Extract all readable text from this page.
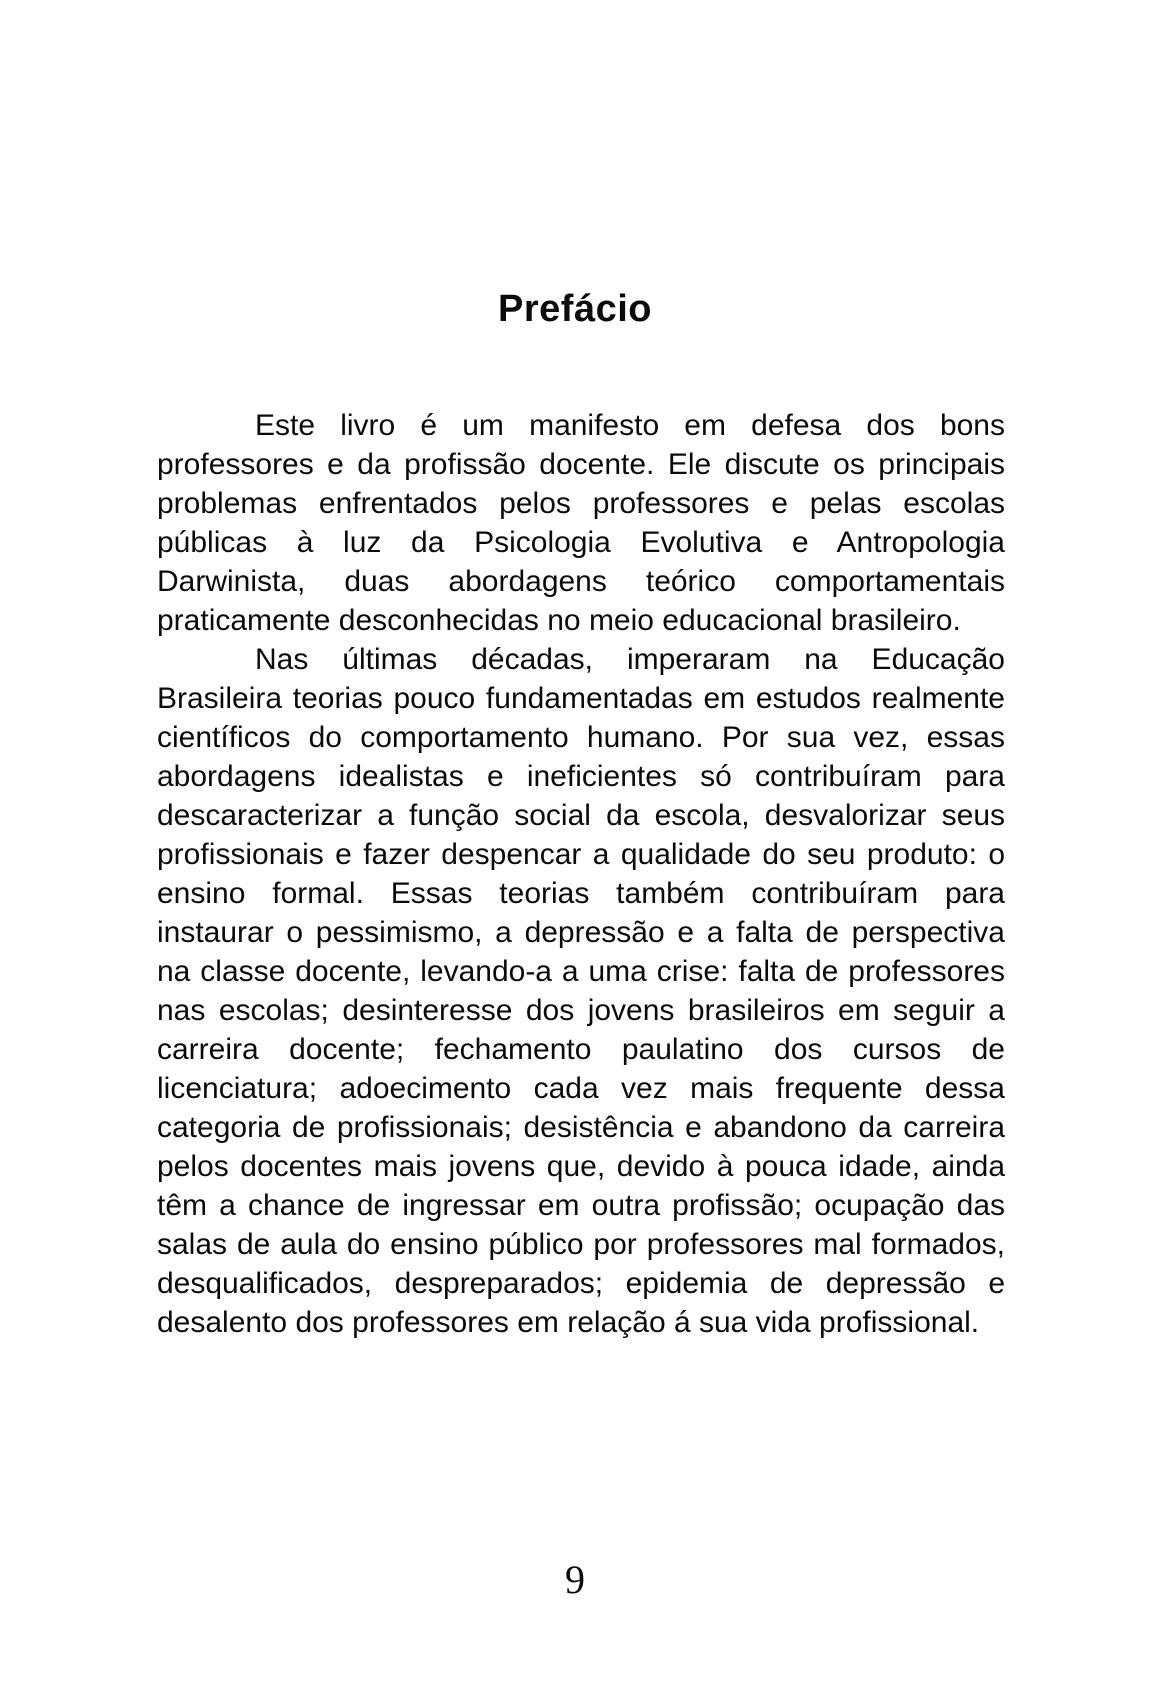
Prefácio

Este livro é um manifesto em defesa dos bons professores e da profissão docente. Ele discute os principais problemas enfrentados pelos professores e pelas escolas públicas à luz da Psicologia Evolutiva e Antropologia Darwinista, duas abordagens teórico comportamentais praticamente desconhecidas no meio educacional brasileiro.

Nas últimas décadas, imperaram na Educação Brasileira teorias pouco fundamentadas em estudos realmente científicos do comportamento humano. Por sua vez, essas abordagens idealistas e ineficientes só contribuíram para descaracterizar a função social da escola, desvalorizar seus profissionais e fazer despencar a qualidade do seu produto: o ensino formal. Essas teorias também contribuíram para instaurar o pessimismo, a depressão e a falta de perspectiva na classe docente, levando-a a uma crise: falta de professores nas escolas; desinteresse dos jovens brasileiros em seguir a carreira docente; fechamento paulatino dos cursos de licenciatura; adoecimento cada vez mais frequente dessa categoria de profissionais; desistência e abandono da carreira pelos docentes mais jovens que, devido à pouca idade, ainda têm a chance de ingressar em outra profissão; ocupação das salas de aula do ensino público por professores mal formados, desqualificados, despreparados; epidemia de depressão e desalento dos professores em relação á sua vida profissional.

9
